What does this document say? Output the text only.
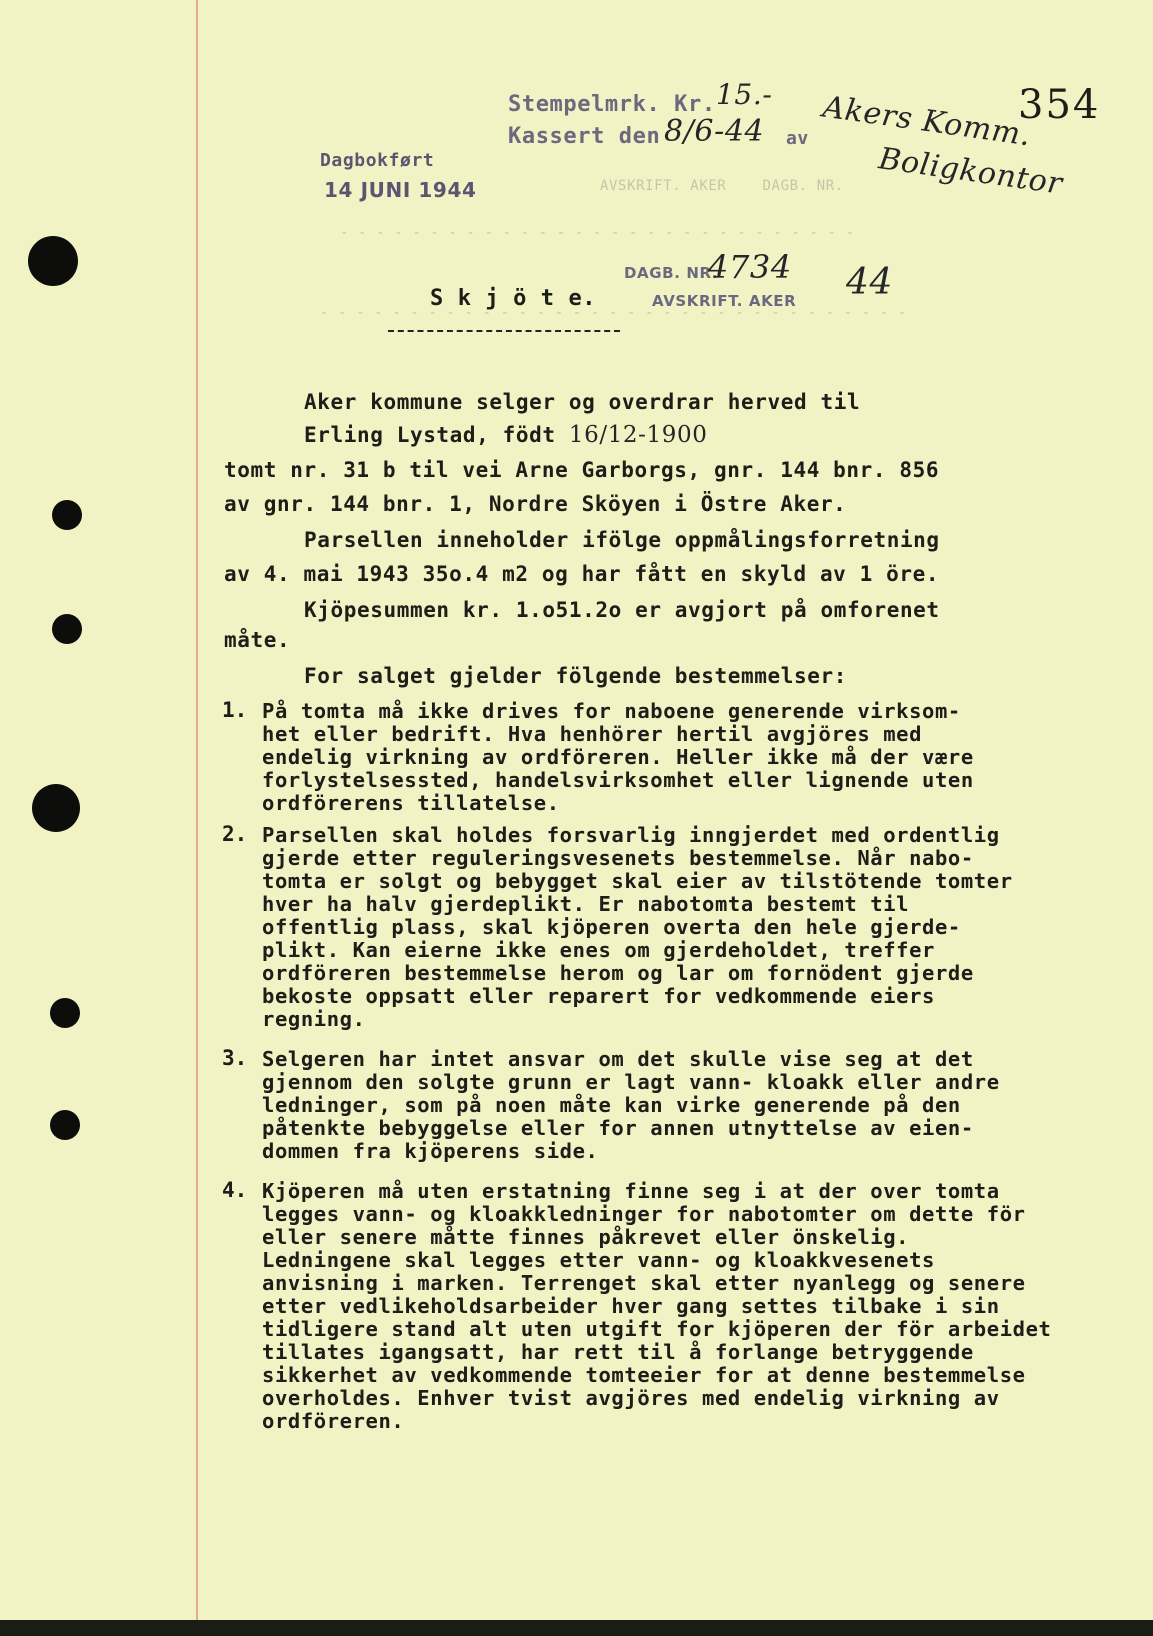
AVSKRIFT. AKER    DAGB. NR.
- - - - - - - - - - - - - - - - - - - - - - - - - - - - -
- - - - - - - - - - - - - - - - - - - - - - - - - - - - - - - - -
Stempelmrk. Kr. 15.-
Kassert den 8/6-44 av Akers Komm.
Boligkontor
354
Dagbokført
14 JUNI 1944
DAGB. NR.
4734 44
AVSKRIFT. AKER
S k j ö t e.
Aker kommune selger og overdrar herved til
Erling Lystad, födt 16/12-1900
tomt nr. 31 b til vei Arne Garborgs, gnr. 144 bnr. 856
av gnr. 144 bnr. 1, Nordre Sköyen i Östre Aker.
Parsellen inneholder ifölge oppmålingsforretning
av 4. mai 1943 35o.4 m2 og har fått en skyld av 1 öre.
Kjöpesummen kr. 1.o51.2o er avgjort på omforenet
måte.
For salget gjelder fölgende bestemmelser:
1. På tomta må ikke drives for naboene generende virksom-
het eller bedrift. Hva henhörer hertil avgjöres med
endelig virkning av ordföreren. Heller ikke må der være
forlystelsessted, handelsvirksomhet eller lignende uten
ordförerens tillatelse.
2. Parsellen skal holdes forsvarlig inngjerdet med ordentlig
gjerde etter reguleringsvesenets bestemmelse. Når nabo-
tomta er solgt og bebygget skal eier av tilstötende tomter
hver ha halv gjerdeplikt. Er nabotomta bestemt til
offentlig plass, skal kjöperen overta den hele gjerde-
plikt. Kan eierne ikke enes om gjerdeholdet, treffer
ordföreren bestemmelse herom og lar om fornödent gjerde
bekoste oppsatt eller reparert for vedkommende eiers
regning.
3. Selgeren har intet ansvar om det skulle vise seg at det
gjennom den solgte grunn er lagt vann- kloakk eller andre
ledninger, som på noen måte kan virke generende på den
påtenkte bebyggelse eller for annen utnyttelse av eien-
dommen fra kjöperens side.
4. Kjöperen må uten erstatning finne seg i at der over tomta
legges vann- og kloakkledninger for nabotomter om dette för
eller senere måtte finnes påkrevet eller önskelig.
Ledningene skal legges etter vann- og kloakkvesenets
anvisning i marken. Terrenget skal etter nyanlegg og senere
etter vedlikeholdsarbeider hver gang settes tilbake i sin
tidligere stand alt uten utgift for kjöperen der för arbeidet
tillates igangsatt, har rett til å forlange betryggende
sikkerhet av vedkommende tomteeier for at denne bestemmelse
overholdes. Enhver tvist avgjöres med endelig virkning av
ordföreren.
